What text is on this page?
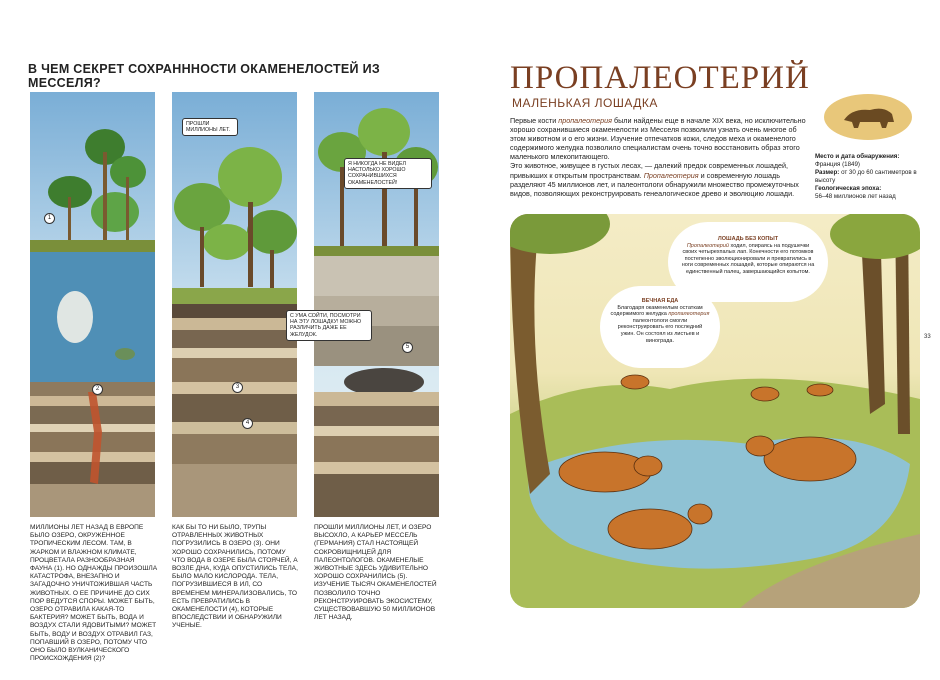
В ЧЕМ СЕКРЕТ СОХРАНННОСТИ ОКАМЕНЕЛОСТЕЙ ИЗ МЕССЕЛЯ?
1
2
ПРОШЛИ МИЛЛИОНЫ ЛЕТ.
3
4
Я НИКОГДА НЕ ВИДЕЛ НАСТОЛЬКО ХОРОШО СОХРАНИВШИХСЯ ОКАМЕНЕЛОСТЕЙ!
С УМА СОЙТИ, ПОСМОТРИ НА ЭТУ ЛОШАДКУ! МОЖНО РАЗЛИЧИТЬ ДАЖЕ ЕЕ ЖЕЛУДОК.
5
МИЛЛИОНЫ ЛЕТ НАЗАД В ЕВРОПЕ БЫЛО ОЗЕРО, ОКРУЖЕННОЕ ТРОПИЧЕСКИМ ЛЕСОМ. ТАМ, В ЖАРКОМ И ВЛАЖНОМ КЛИМАТЕ, ПРОЦВЕТАЛА РАЗНООБРАЗНАЯ ФАУНА (1). НО ОДНАЖДЫ ПРОИЗОШЛА КАТАСТРОФА, ВНЕЗАПНО И ЗАГАДОЧНО УНИЧТОЖИВШАЯ ЧАСТЬ ЖИВОТНЫХ. О ЕЕ ПРИЧИНЕ ДО СИХ ПОР ВЕДУТСЯ СПОРЫ. МОЖЕТ БЫТЬ, ОЗЕРО ОТРАВИЛА КАКАЯ-ТО БАКТЕРИЯ? МОЖЕТ БЫТЬ, ВОДА И ВОЗДУХ СТАЛИ ЯДОВИТЫМИ? МОЖЕТ БЫТЬ, ВОДУ И ВОЗДУХ ОТРАВИЛ ГАЗ, ПОПАВШИЙ В ОЗЕРО, ПОТОМУ ЧТО ОНО БЫЛО ВУЛКАНИЧЕСКОГО ПРОИСХОЖДЕНИЯ (2)?
КАК БЫ ТО НИ БЫЛО, ТРУПЫ ОТРАВЛЕННЫХ ЖИВОТНЫХ ПОГРУЗИЛИСЬ В ОЗЕРО (3). ОНИ ХОРОШО СОХРАНИЛИСЬ, ПОТОМУ ЧТО ВОДА В ОЗЕРЕ БЫЛА СТОЯЧЕЙ, А ВОЗЛЕ ДНА, КУДА ОПУСТИЛИСЬ ТЕЛА, БЫЛО МАЛО КИСЛОРОДА. ТЕЛА, ПОГРУЗИВШИЕСЯ В ИЛ, СО ВРЕМЕНЕМ МИНЕРАЛИЗОВАЛИСЬ, ТО ЕСТЬ ПРЕВРАТИЛИСЬ В ОКАМЕНЕЛОСТИ (4), КОТОРЫЕ ВПОСЛЕДСТВИИ И ОБНАРУЖИЛИ УЧЕНЫЕ.
ПРОШЛИ МИЛЛИОНЫ ЛЕТ, И ОЗЕРО ВЫСОХЛО, А КАРЬЕР МЕССЕЛЬ (ГЕРМАНИЯ) СТАЛ НАСТОЯЩЕЙ СОКРОВИЩНИЦЕЙ ДЛЯ ПАЛЕОНТОЛОГОВ. ОКАМЕНЕЛЫЕ ЖИВОТНЫЕ ЗДЕСЬ УДИВИТЕЛЬНО ХОРОШО СОХРАНИЛИСЬ (5). ИЗУЧЕНИЕ ТЫСЯЧ ОКАМЕНЕЛОСТЕЙ ПОЗВОЛИЛО ТОЧНО РЕКОНСТРУИРОВАТЬ ЭКОСИСТЕМУ, СУЩЕСТВОВАВШУЮ 50 МИЛЛИОНОВ ЛЕТ НАЗАД.
ПРОПАЛЕОТЕРИЙ
МАЛЕНЬКАЯ ЛОШАДКА
Первые кости пропалеотерия были найдены еще в начале XIX века, но исключительно хорошо сохранившиеся окаменелости из Месселя позволили узнать очень многое об этом животном и о его жизни. Изучение отпечатков кожи, следов меха и окаменелого содержимого желудка позволило специалистам очень точно восстановить образ этого маленького млекопитающего.
Это животное, живущее в густых лесах, — далекий предок современных лошадей, привыкших к открытым пространствам. Пропалеотерия и современную лошадь разделяют 45 миллионов лет, и палеонтологи обнаружили множество промежуточных видов, позволяющих реконструировать генеалогическое древо и эволюцию лошади.
Место и дата обнаружения:
Франция (1849)
Размер: от 30 до 60 сантиметров в высоту
Геологическая эпоха:
56–48 миллионов лет назад
ЛОШАДЬ БЕЗ КОПЫТ
Пропалеотерий ходил, опираясь на подушечки своих четырехпалых лап. Конечности его потомков постепенно эволюционировали и превратились в ноги современных лошадей, которые опираются на единственный палец, завершающийся копытом.
ВЕЧНАЯ ЕДА
Благодаря окаменелым остаткам содержимого желудка пропалеотерия палеонтологи смогли реконструировать его последний ужин. Он состоял из листьев и винограда.
33
